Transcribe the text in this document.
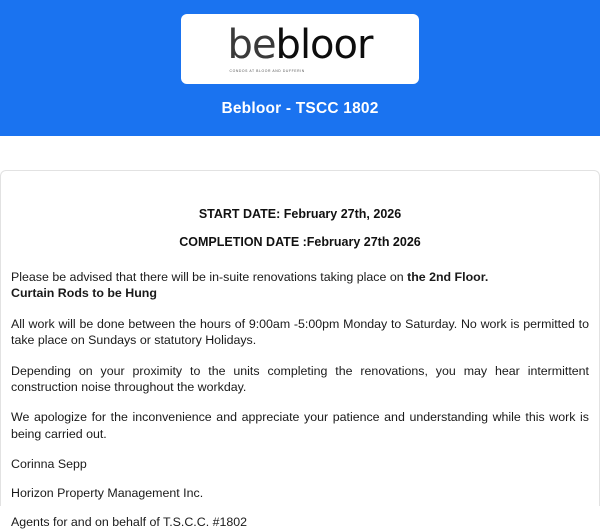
bebloor
CONDOS AT BLOOR AND DUFFERIN
Bebloor - TSCC 1802
START DATE: February 27th, 2026
COMPLETION DATE :February 27th 2026

Please be advised that there will be in-suite renovations taking place on the 2nd Floor.
Curtain Rods to be Hung

All work will be done between the hours of 9:00am -5:00pm Monday to Saturday. No work is permitted to take place on Sundays or statutory Holidays.

Depending on your proximity to the units completing the renovations, you may hear intermittent construction noise throughout the workday.

We apologize for the inconvenience and appreciate your patience and understanding while this work is being carried out.

Corinna Sepp

Horizon Property Management Inc.

Agents for and on behalf of T.S.C.C. #1802
